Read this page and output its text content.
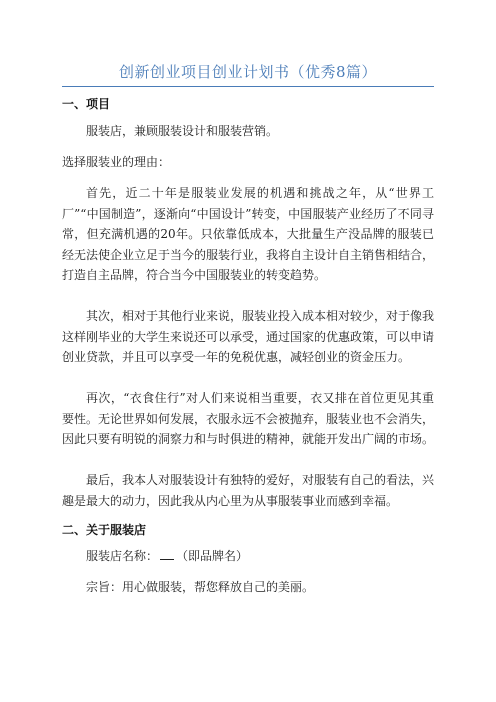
创新创业项目创业计划书（优秀8篇）
一、项目
服装店，兼顾服装设计和服装营销。
选择服装业的理由：
首先，近二十年是服装业发展的机遇和挑战之年，从“世界工厂”“中国制造”，逐渐向“中国设计”转变，中国服装产业经历了不同寻常，但充满机遇的20年。只依靠低成本，大批量生产没品牌的服装已经无法使企业立足于当今的服装行业，我将自主设计自主销售相结合，打造自主品牌，符合当今中国服装业的转变趋势。
其次，相对于其他行业来说，服装业投入成本相对较少，对于像我这样刚毕业的大学生来说还可以承受，通过国家的优惠政策，可以申请创业贷款，并且可以享受一年的免税优惠，减轻创业的资金压力。
再次，“衣食住行”对人们来说相当重要，衣又排在首位更见其重要性。无论世界如何发展，衣服永远不会被抛弃，服装业也不会消失，因此只要有明锐的洞察力和与时俱进的精神，就能开发出广阔的市场。
最后，我本人对服装设计有独特的爱好，对服装有自己的看法，兴趣是最大的动力，因此我从内心里为从事服装事业而感到幸福。
二、关于服装店
服装店名称： （即品牌名）
宗旨：用心做服装，帮您释放自己的美丽。
